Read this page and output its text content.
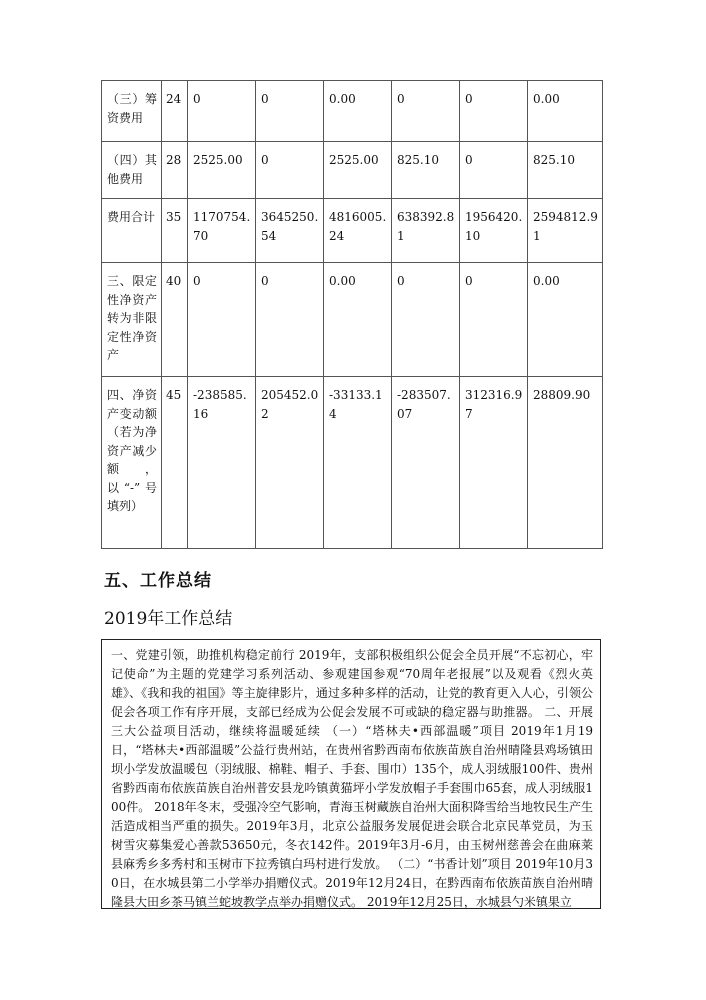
（三）筹资费用	24	0	0	0.00	0	0	0.00

（四）其他费用	28	2525.00	0	2525.00	825.10	0	825.10

费用合计	35	1170754.70	3645250.54	4816005.24	638392.81	1956420.10	2594812.91

三、限定性净资产转为非限定性净资产	40	0	0	0.00	0	0	0.00

四、净资产变动额（若为净资产减少额，以“-”号填列）	45	-238585.16	205452.02	-33133.14	-283507.07	312316.97	28809.90
五、工作总结
2019年工作总结

一、党建引领，助推机构稳定前行 2019年，支部积极组织公促会全员开展“不忘初心，牢记使命”为主题的党建学习系列活动、参观建国参观“70周年老报展”以及观看《烈火英雄》、《我和我的祖国》等主旋律影片，通过多种多样的活动，让党的教育更入人心，引领公促会各项工作有序开展，支部已经成为公促会发展不可或缺的稳定器与助推器。 二、开展三大公益项目活动，继续将温暖延续 （一）“塔林夫•西部温暖”项目 2019年1月19日，“塔林夫•西部温暖”公益行贵州站，在贵州省黔西南布依族苗族自治州晴隆县鸡场镇田坝小学发放温暖包（羽绒服、棉鞋、帽子、手套、围巾）135个，成人羽绒服100件、贵州省黔西南布依族苗族自治州普安县龙吟镇黄猫坪小学发放帽子手套围巾65套，成人羽绒服100件。 2018年冬末，受强冷空气影响，青海玉树藏族自治州大面积降雪给当地牧民生产生活造成相当严重的损失。2019年3月，北京公益服务发展促进会联合北京民革党员，为玉树雪灾募集爱心善款53650元，冬衣142件。2019年3月-6月，由玉树州慈善会在曲麻莱县麻秀乡多秀村和玉树市下拉秀镇白玛村进行发放。 （二）“书香计划”项目 2019年10月30日，在水城县第二小学举办捐赠仪式。2019年12月24日，在黔西南布依族苗族自治州晴隆县大田乡茶马镇兰蛇坡教学点举办捐赠仪式。 2019年12月25日，水城县勺米镇果立
